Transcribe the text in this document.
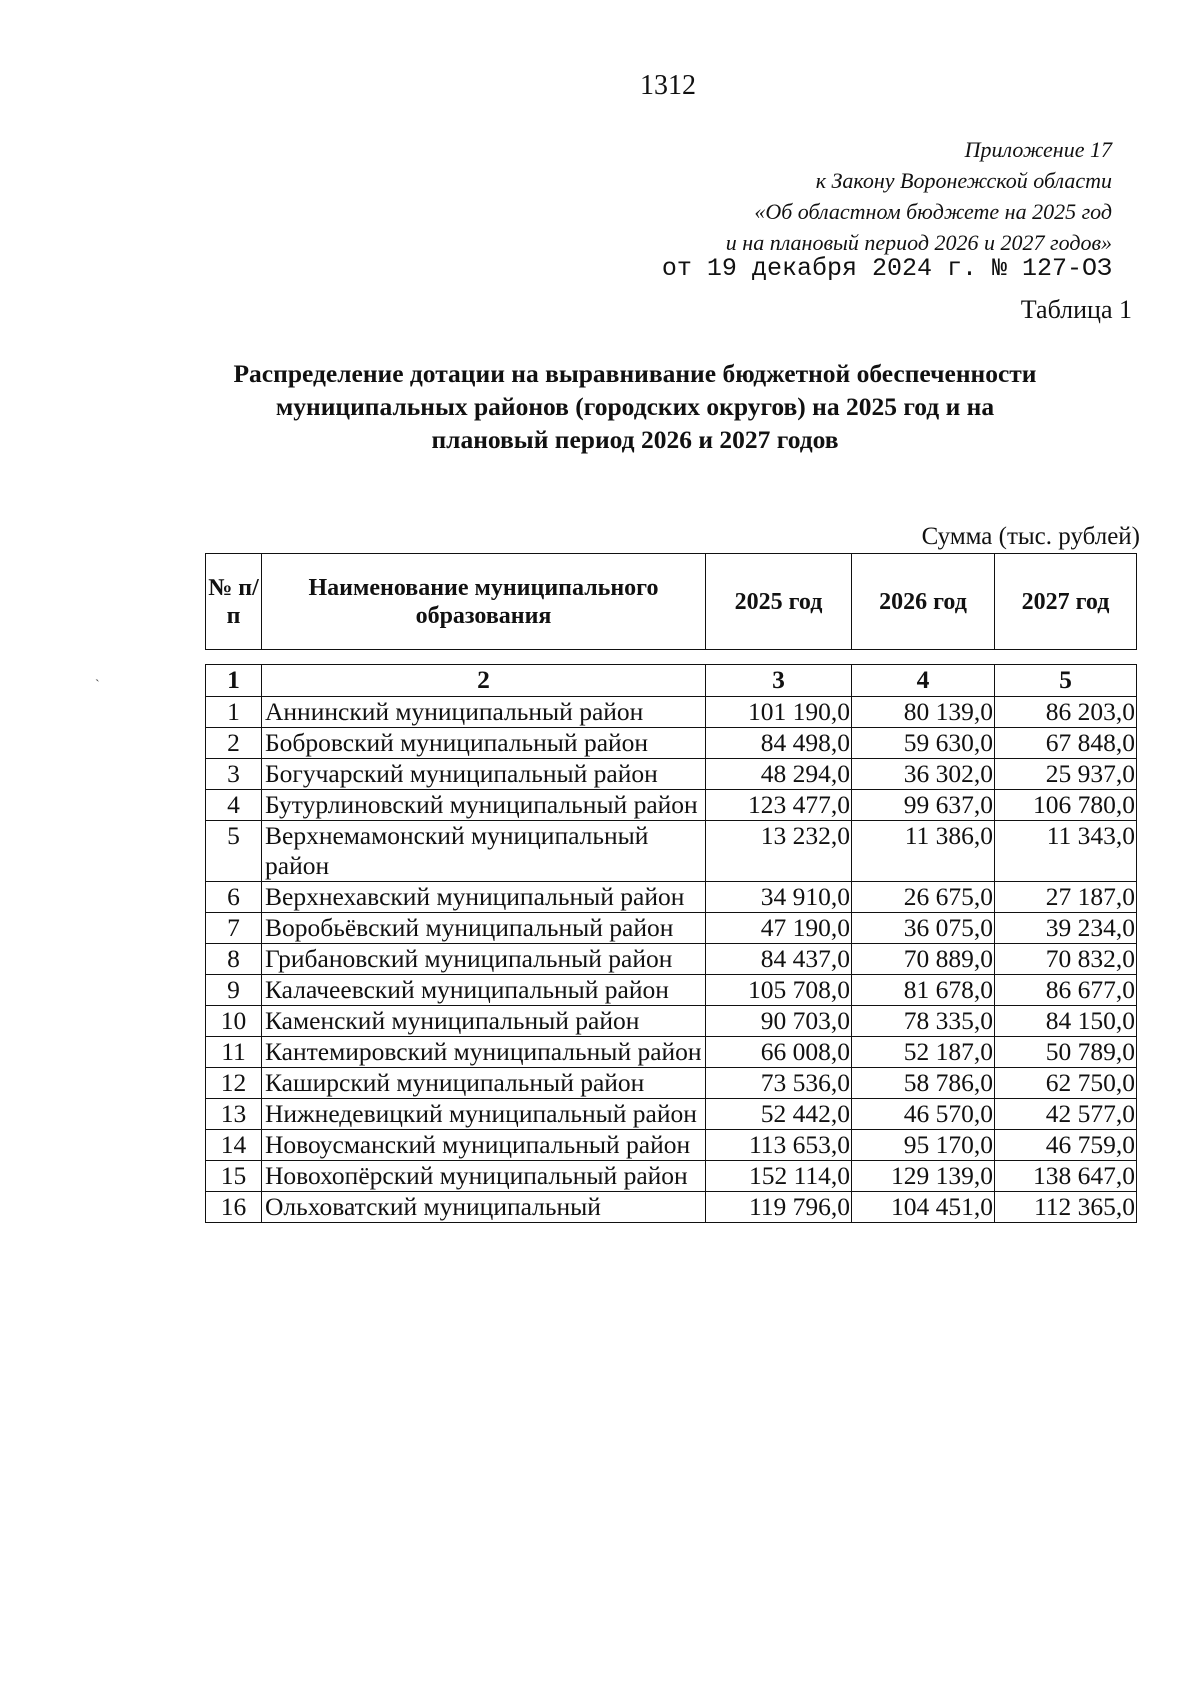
1312
Приложение 17
к Закону Воронежской области
«Об областном бюджете на 2025 год
и на плановый период 2026 и 2027 годов»
от 19 декабря 2024 г. № 127-ОЗ
Таблица 1
Распределение дотации на выравнивание бюджетной обеспеченности
муниципальных районов (городских округов) на 2025 год и на
плановый период 2026 и 2027 годов
Сумма (тыс. рублей)
`
№ п/п	Наименование муниципального образования	2025 год	2026 год	2027 год
1	2	3	4	5
1	Аннинский муниципальный район	101 190,0	80 139,0	86 203,0
2	Бобровский муниципальный район	84 498,0	59 630,0	67 848,0
3	Богучарский муниципальный район	48 294,0	36 302,0	25 937,0
4	Бутурлиновский муниципальный район	123 477,0	99 637,0	106 780,0
5	Верхнемамонский муниципальный район	13 232,0	11 386,0	11 343,0
6	Верхнехавский муниципальный район	34 910,0	26 675,0	27 187,0
7	Воробьёвский муниципальный район	47 190,0	36 075,0	39 234,0
8	Грибановский муниципальный район	84 437,0	70 889,0	70 832,0
9	Калачеевский муниципальный район	105 708,0	81 678,0	86 677,0
10	Каменский муниципальный район	90 703,0	78 335,0	84 150,0
11	Кантемировский муниципальный район	66 008,0	52 187,0	50 789,0
12	Каширский муниципальный район	73 536,0	58 786,0	62 750,0
13	Нижнедевицкий муниципальный район	52 442,0	46 570,0	42 577,0
14	Новоусманский муниципальный район	113 653,0	95 170,0	46 759,0
15	Новохопёрский муниципальный район	152 114,0	129 139,0	138 647,0
16	Ольховатский муниципальный	119 796,0	104 451,0	112 365,0
